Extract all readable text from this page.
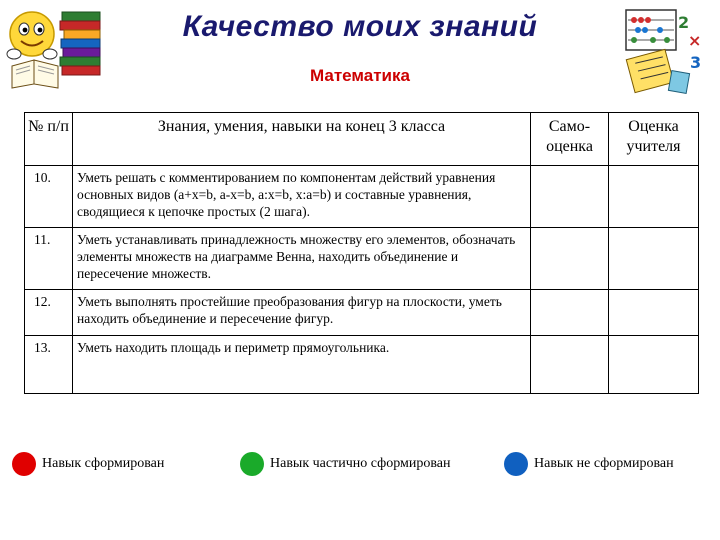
Качество моих знаний
Математика
2
×
3
№ п/п	Знания, умения, навыки на конец 3 класса	Само-оценка	Оценка учителя
10.	Уметь решать с комментированием по компонентам действий уравнения основных видов (a+x=b, a-x=b, a:x=b, x:a=b) и составные уравнения, сводящиеся к цепочке простых (2 шага).		
11.	Уметь устанавливать принадлежность множеству его элементов, обозначать элементы множеств на диаграмме Венна, находить объединение и пересечение множеств.		
12.	Уметь выполнять простейшие преобразования фигур на плоскости, уметь находить объединение и пересечение фигур.		
13.	Уметь находить площадь и периметр прямоугольника.		
Навык сформирован	Навык частично сформирован	Навык не сформирован
